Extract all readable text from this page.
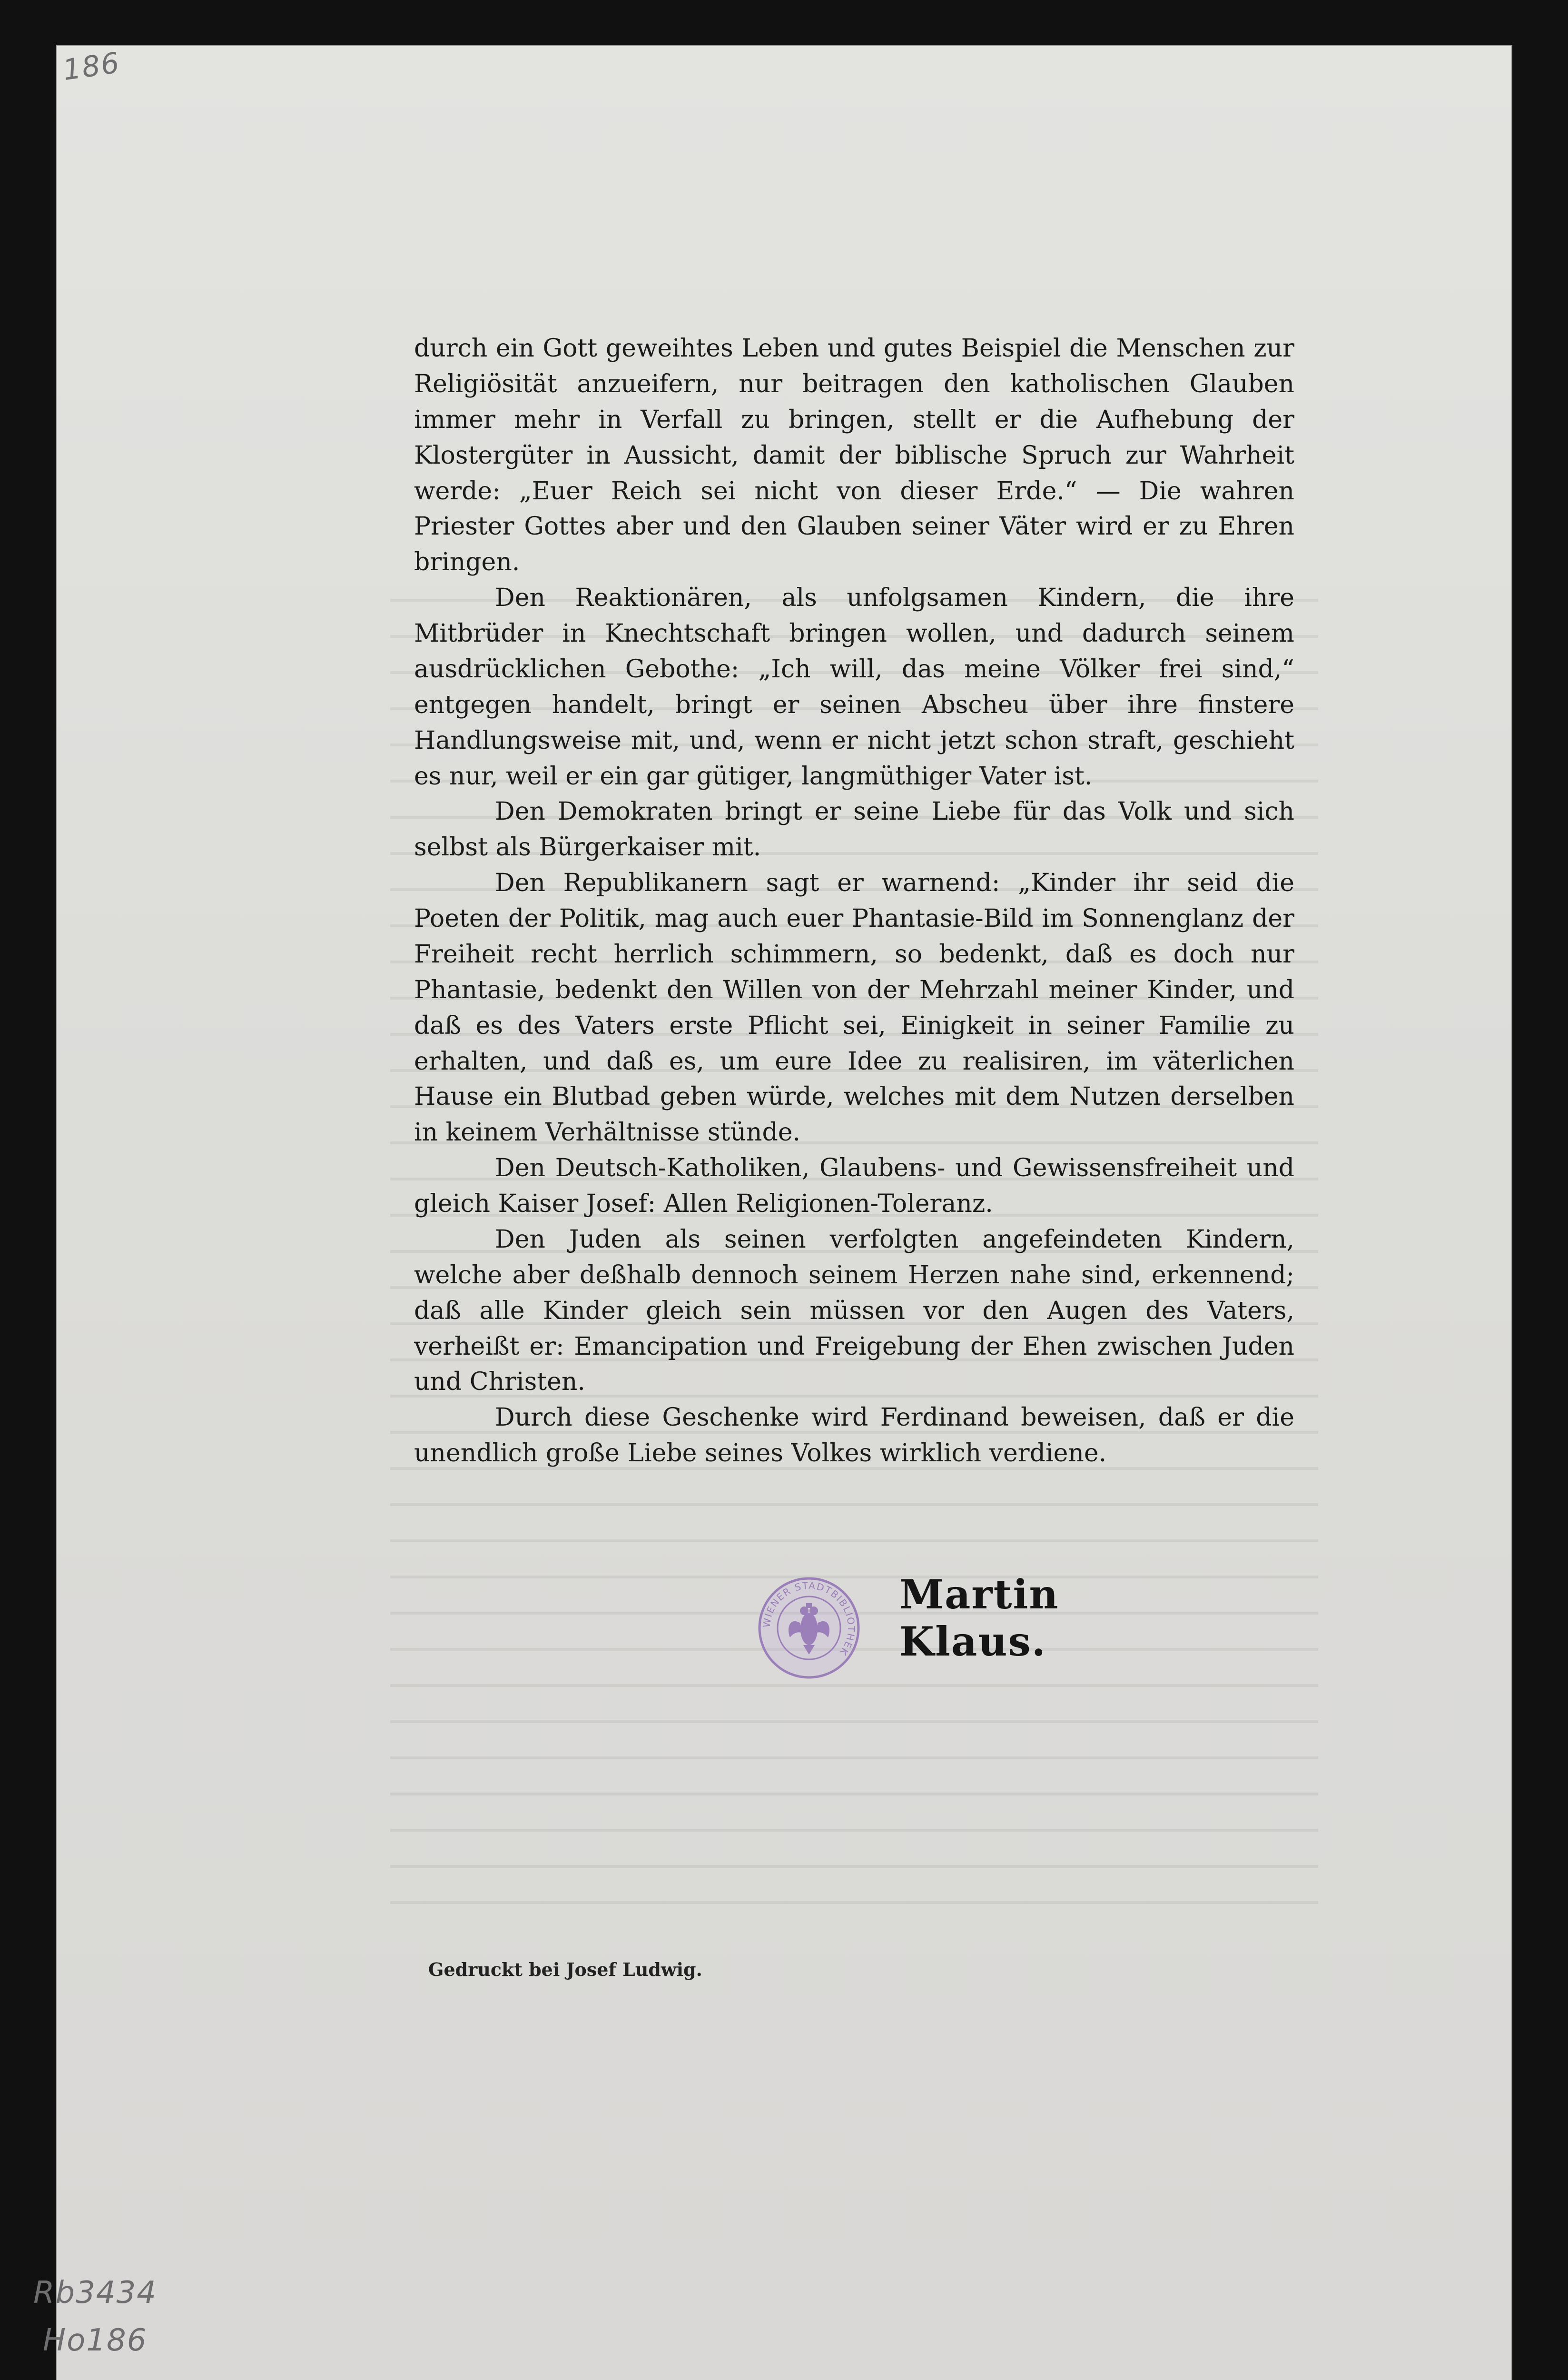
186
Rb3434
Ho186

durch ein Gott geweihtes Leben und gutes Beispiel die Menschen zur Religiösität anzueifern, nur beitragen den katholischen Glauben immer mehr in Verfall zu bringen, stellt er die Aufhebung der Klostergüter in Aussicht, damit der biblische Spruch zur Wahrheit werde: „Euer Reich sei nicht von dieser Erde.“ — Die wahren Priester Gottes aber und den Glauben seiner Väter wird er zu Ehren bringen.

Den Reaktionären, als unfolgsamen Kindern, die ihre Mitbrüder in Knechtschaft bringen wollen, und dadurch seinem ausdrücklichen Gebothe: „Ich will, das meine Völker frei sind,“ entgegen handelt, bringt er seinen Abscheu über ihre finstere Handlungsweise mit, und, wenn er nicht jetzt schon straft, geschieht es nur, weil er ein gar gütiger, langmüthiger Vater ist.

Den Demokraten bringt er seine Liebe für das Volk und sich selbst als Bürgerkaiser mit.

Den Republikanern sagt er warnend: „Kinder ihr seid die Poeten der Politik, mag auch euer Phantasie-Bild im Sonnenglanz der Freiheit recht herrlich schimmern, so bedenkt, daß es doch nur Phantasie, bedenkt den Willen von der Mehrzahl meiner Kinder, und daß es des Vaters erste Pflicht sei, Einigkeit in seiner Familie zu erhalten, und daß es, um eure Idee zu realisiren, im väterlichen Hause ein Blutbad geben würde, welches mit dem Nutzen derselben in keinem Verhältnisse stünde.

Den Deutsch-Katholiken, Glaubens- und Gewissensfreiheit und gleich Kaiser Josef: Allen Religionen-Toleranz.

Den Juden als seinen verfolgten angefeindeten Kindern, welche aber deßhalb dennoch seinem Herzen nahe sind, erkennend; daß alle Kinder gleich sein müssen vor den Augen des Vaters, verheißt er: Emancipation und Freigebung der Ehen zwischen Juden und Christen.

Durch diese Geschenke wird Ferdinand beweisen, daß er die unendlich große Liebe seines Volkes wirklich verdiene.

WIENER STADTBIBLIOTHEK
Martin Klaus.
Gedruckt bei Josef Ludwig.
